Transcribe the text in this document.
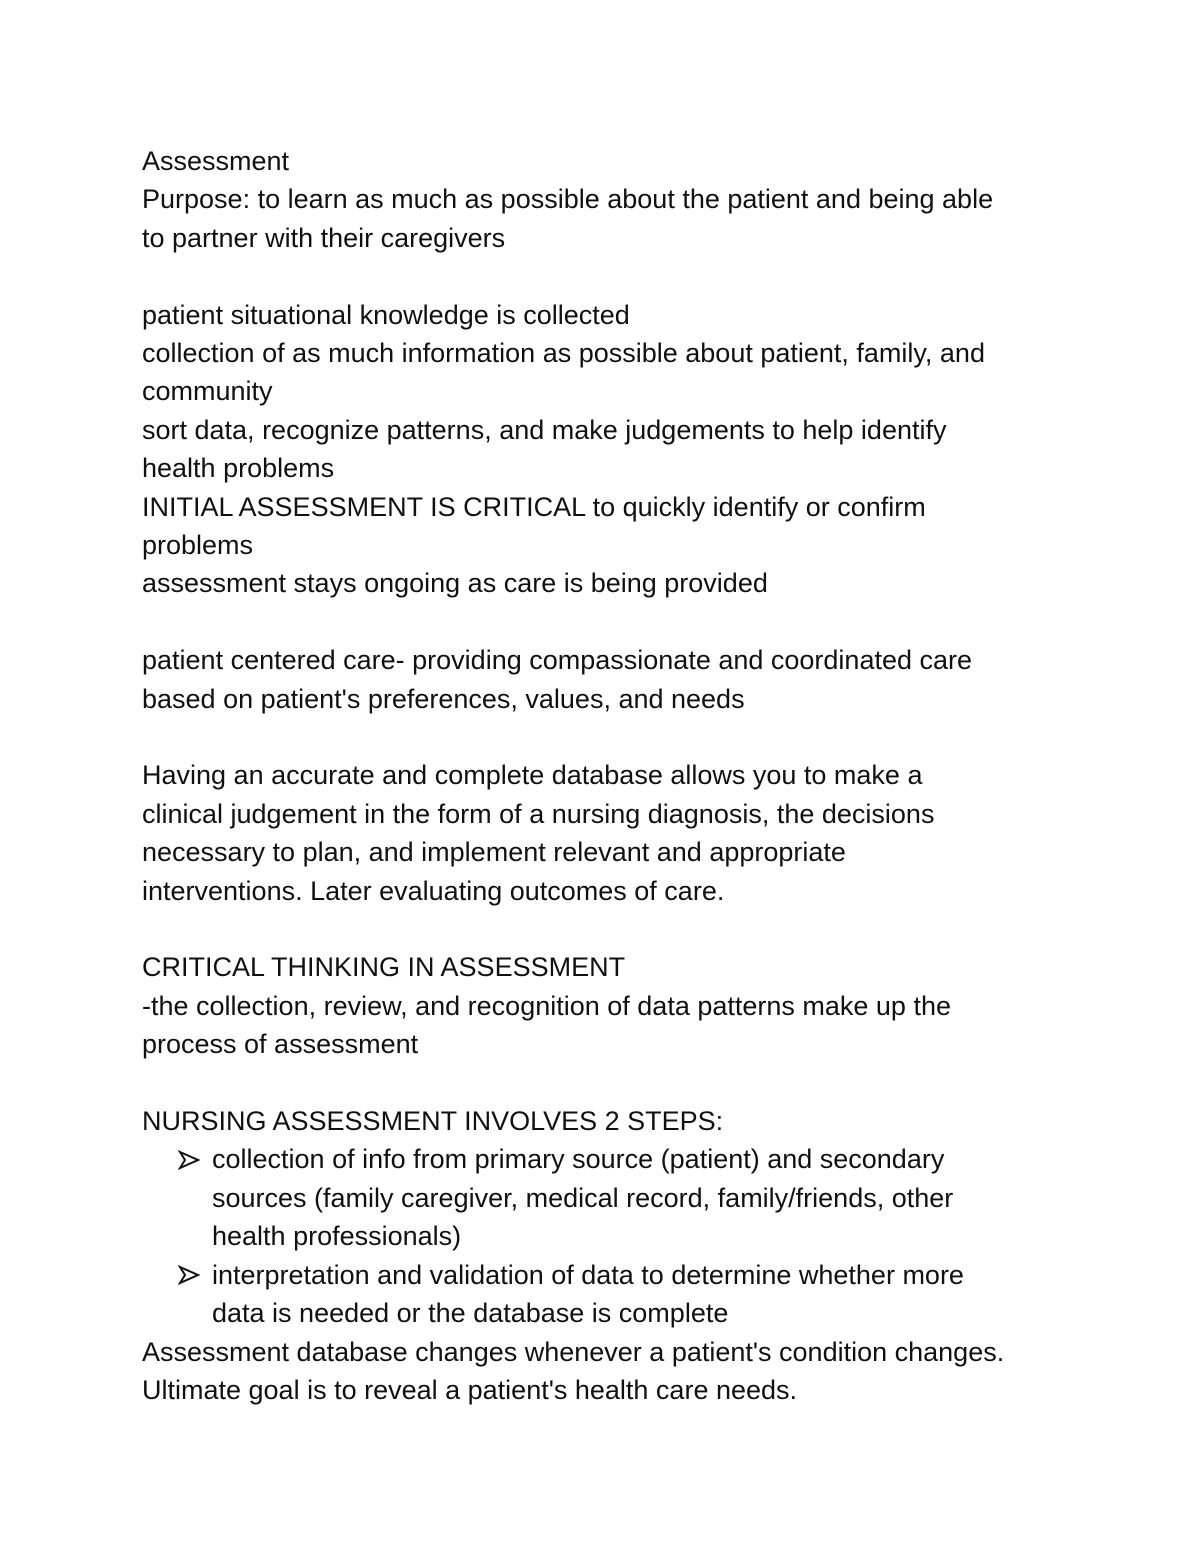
Assessment
Purpose: to learn as much as possible about the patient and being able
to partner with their caregivers
patient situational knowledge is collected
collection of as much information as possible about patient, family, and
community
sort data, recognize patterns, and make judgements to help identify
health problems
INITIAL ASSESSMENT IS CRITICAL to quickly identify or confirm
problems
assessment stays ongoing as care is being provided
patient centered care- providing compassionate and coordinated care
based on patient's preferences, values, and needs
Having an accurate and complete database allows you to make a
clinical judgement in the form of a nursing diagnosis, the decisions
necessary to plan, and implement relevant and appropriate
interventions. Later evaluating outcomes of care.
CRITICAL THINKING IN ASSESSMENT
-the collection, review, and recognition of data patterns make up the
process of assessment
NURSING ASSESSMENT INVOLVES 2 STEPS:
collection of info from primary source (patient) and secondary
sources (family caregiver, medical record, family/friends, other
health professionals)
interpretation and validation of data to determine whether more
data is needed or the database is complete
Assessment database changes whenever a patient's condition changes.
Ultimate goal is to reveal a patient's health care needs.
